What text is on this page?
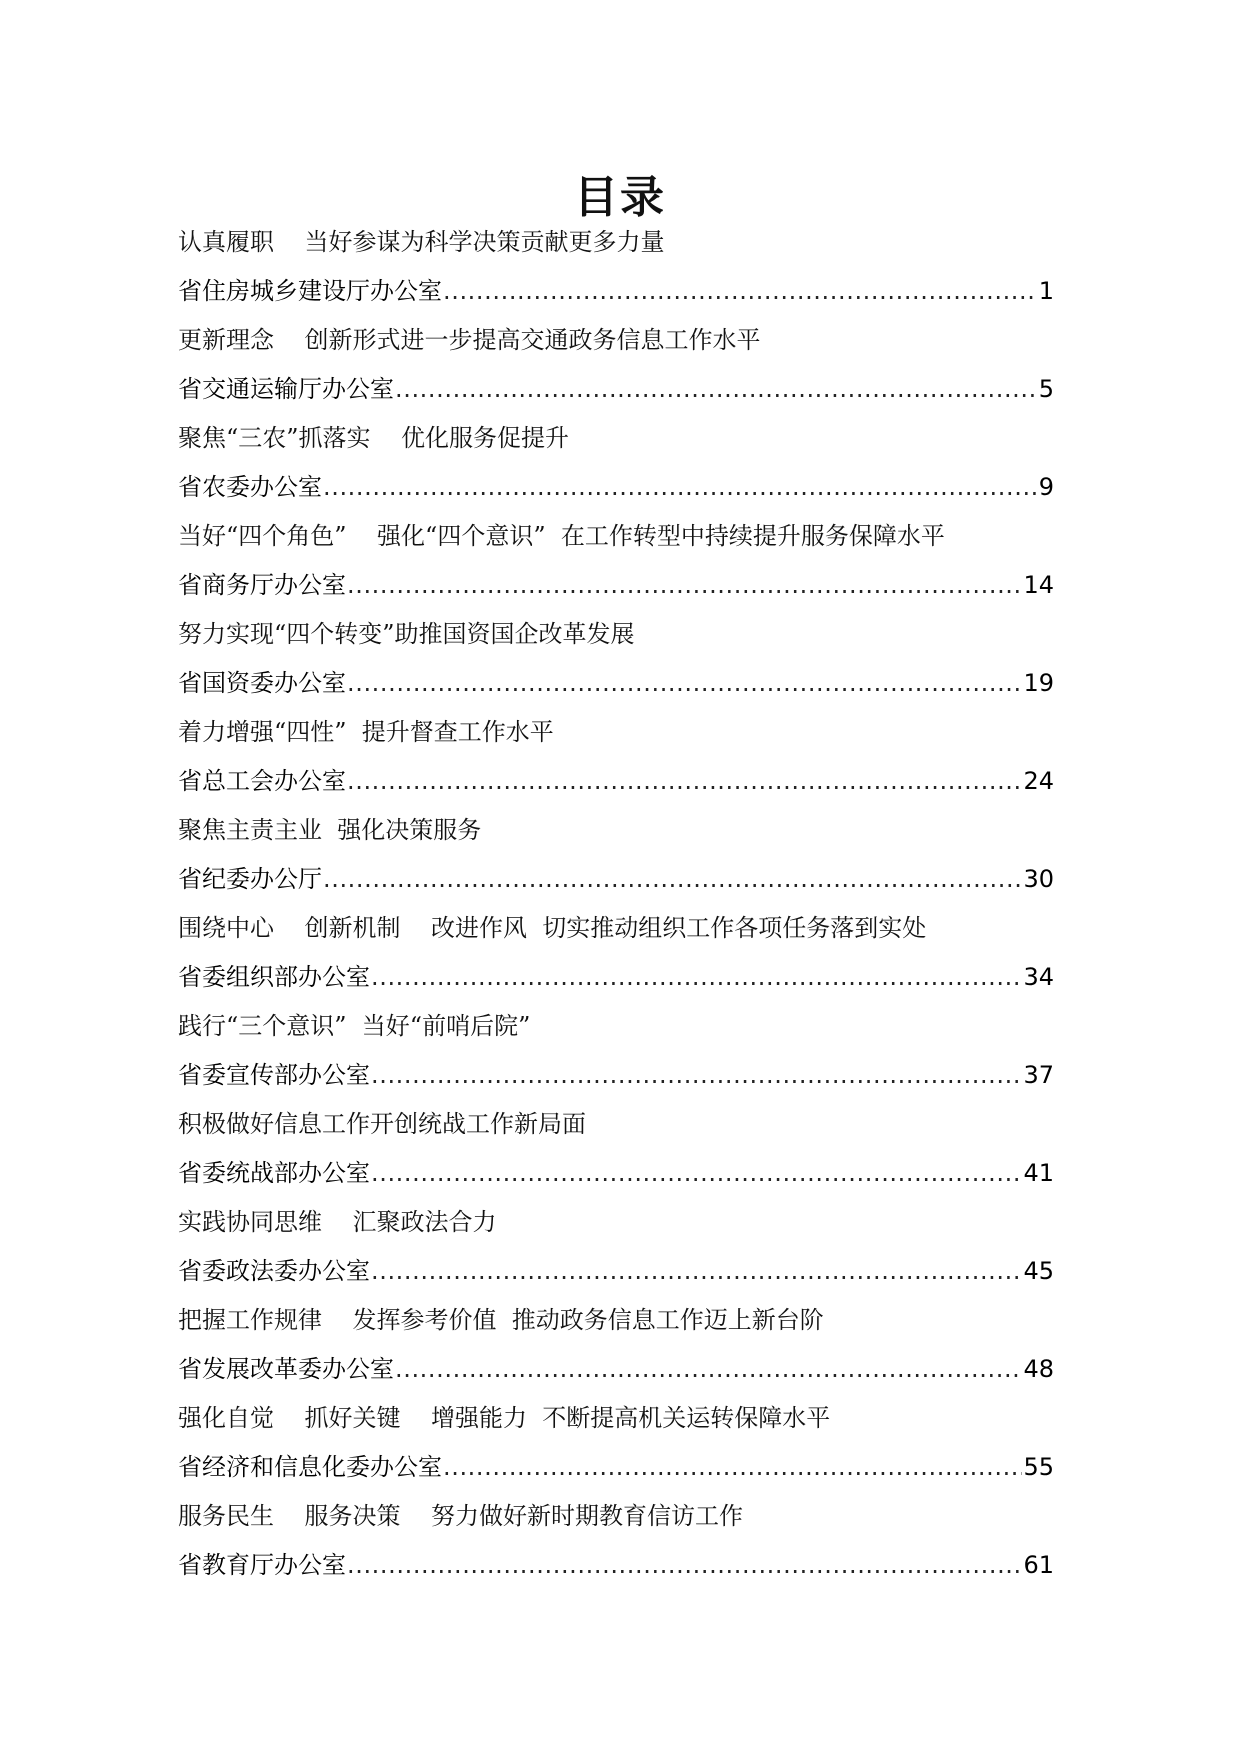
目录
认真履职    当好参谋为科学决策贡献更多力量
省住房城乡建设厅办公室 .....	1
更新理念    创新形式进一步提高交通政务信息工作水平
省交通运输厅办公室 .....	5
聚焦“三农”抓落实    优化服务促提升
省农委办公室 .....	9
当好“四个角色”    强化“四个意识”  在工作转型中持续提升服务保障水平
省商务厅办公室 .....	14
努力实现“四个转变”助推国资国企改革发展
省国资委办公室 .....	19
着力增强“四性”  提升督查工作水平
省总工会办公室 .....	24
聚焦主责主业  强化决策服务
省纪委办公厅 .....	30
围绕中心    创新机制    改进作风  切实推动组织工作各项任务落到实处
省委组织部办公室 .....	34
践行“三个意识”  当好“前哨后院”
省委宣传部办公室 .....	37
积极做好信息工作开创统战工作新局面
省委统战部办公室 .....	41
实践协同思维    汇聚政法合力
省委政法委办公室 .....	45
把握工作规律    发挥参考价值  推动政务信息工作迈上新台阶
省发展改革委办公室 .....	48
强化自觉    抓好关键    增强能力  不断提高机关运转保障水平
省经济和信息化委办公室 .....	55
服务民生    服务决策    努力做好新时期教育信访工作
省教育厅办公室 .....	61
